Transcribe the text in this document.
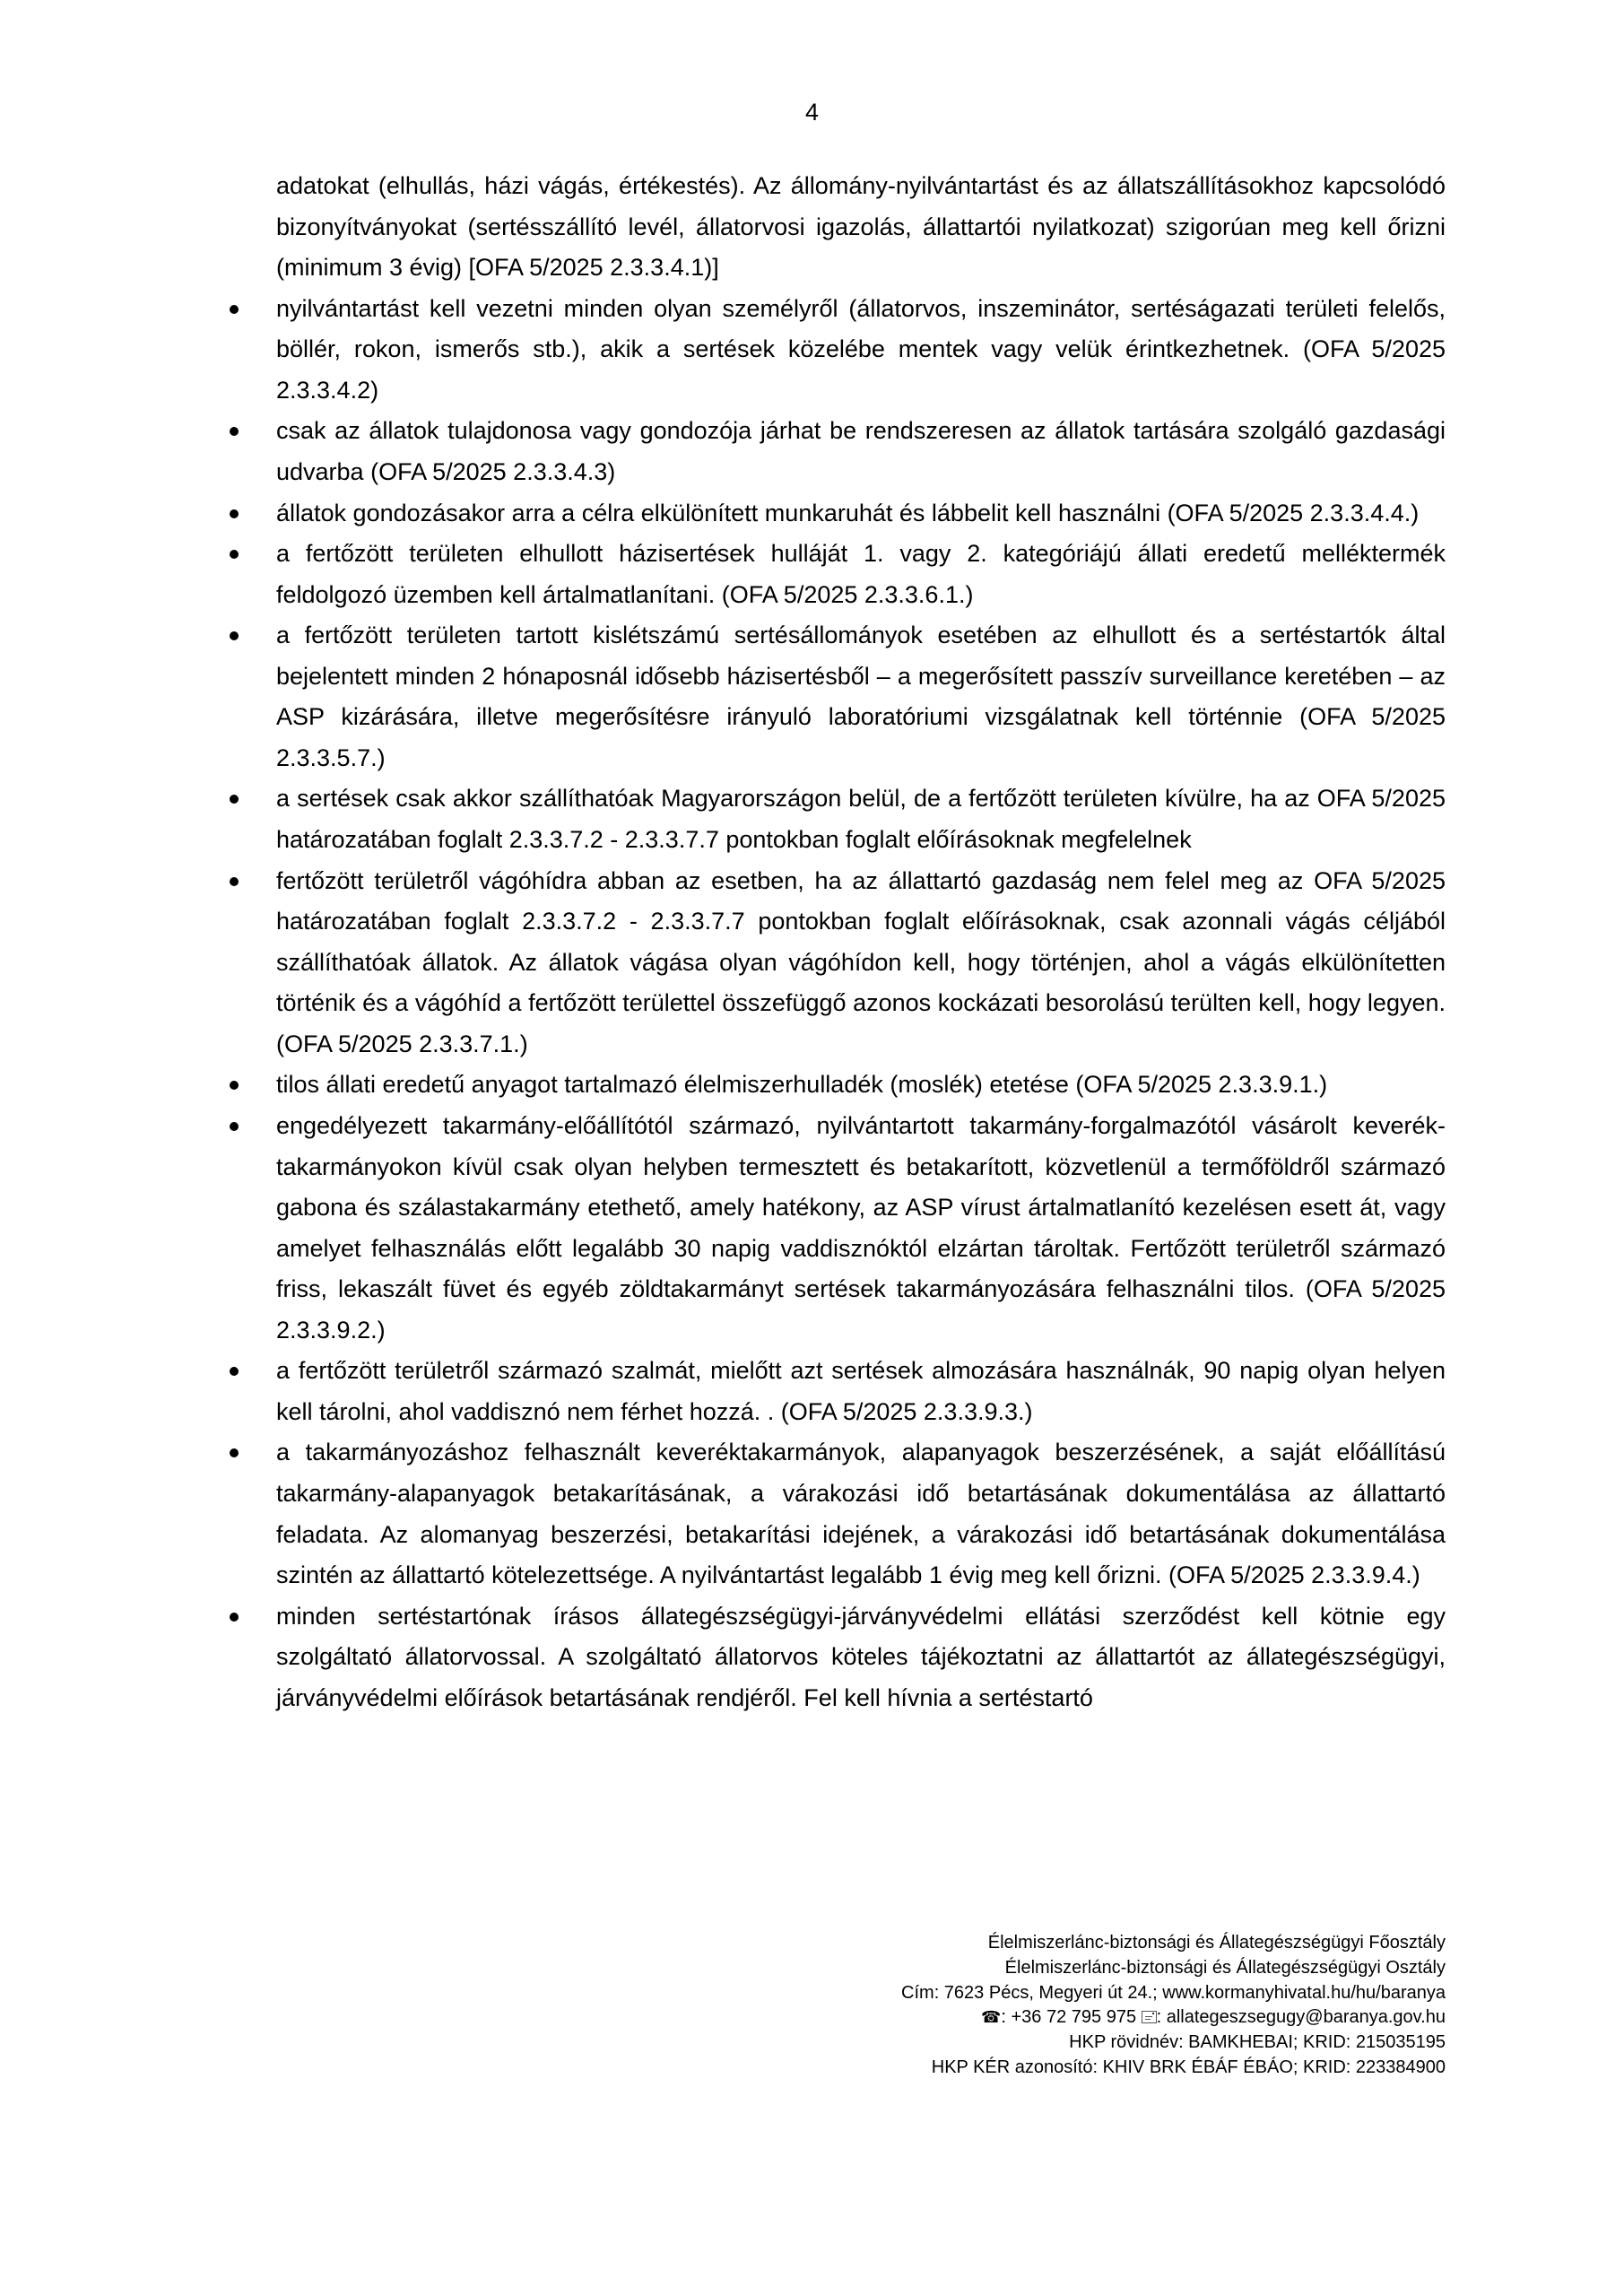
4

adatokat (elhullás, házi vágás, értékestés). Az állomány-nyilvántartást és az állatszállításokhoz kapcsolódó bizonyítványokat (sertésszállító levél, állatorvosi igazolás, állattartói nyilatkozat) szigorúan meg kell őrizni (minimum 3 évig) [OFA 5/2025 2.3.3.4.1)]

nyilvántartást kell vezetni minden olyan személyről (állatorvos, inszeminátor, sertéságazati területi felelős, böllér, rokon, ismerős stb.), akik a sertések közelébe mentek vagy velük érintkezhetnek. (OFA 5/2025 2.3.3.4.2)
csak az állatok tulajdonosa vagy gondozója járhat be rendszeresen az állatok tartására szolgáló gazdasági udvarba (OFA 5/2025 2.3.3.4.3)
állatok gondozásakor arra a célra elkülönített munkaruhát és lábbelit kell használni (OFA 5/2025 2.3.3.4.4.)
a fertőzött területen elhullott házisertések hulláját 1. vagy 2. kategóriájú állati eredetű melléktermék feldolgozó üzemben kell ártalmatlanítani. (OFA 5/2025 2.3.3.6.1.)
a fertőzött területen tartott kislétszámú sertésállományok esetében az elhullott és a sertéstartók által bejelentett minden 2 hónaposnál idősebb házisertésből – a megerősített passzív surveillance keretében – az ASP kizárására, illetve megerősítésre irányuló laboratóriumi vizsgálatnak kell történnie (OFA 5/2025 2.3.3.5.7.)
a sertések csak akkor szállíthatóak Magyarországon belül, de a fertőzött területen kívülre, ha az OFA 5/2025 határozatában foglalt 2.3.3.7.2 - 2.3.3.7.7 pontokban foglalt előírásoknak megfelelnek
fertőzött területről vágóhídra abban az esetben, ha az állattartó gazdaság nem felel meg az OFA 5/2025 határozatában foglalt 2.3.3.7.2 - 2.3.3.7.7 pontokban foglalt előírásoknak, csak azonnali vágás céljából szállíthatóak állatok. Az állatok vágása olyan vágóhídon kell, hogy történjen, ahol a vágás elkülönítetten történik és a vágóhíd a fertőzött területtel összefüggő azonos kockázati besorolású terülten kell, hogy legyen. (OFA 5/2025 2.3.3.7.1.)
tilos állati eredetű anyagot tartalmazó élelmiszerhulladék (moslék) etetése (OFA 5/2025 2.3.3.9.1.)
engedélyezett takarmány-előállítótól származó, nyilvántartott takarmány-forgalmazótól vásárolt keverék-takarmányokon kívül csak olyan helyben termesztett és betakarított, közvetlenül a termőföldről származó gabona és szálastakarmány etethető, amely hatékony, az ASP vírust ártalmatlanító kezelésen esett át, vagy amelyet felhasználás előtt legalább 30 napig vaddisznóktól elzártan tároltak. Fertőzött területről származó friss, lekaszált füvet és egyéb zöldtakarmányt sertések takarmányozására felhasználni tilos. (OFA 5/2025 2.3.3.9.2.)
a fertőzött területről származó szalmát, mielőtt azt sertések almozására használnák, 90 napig olyan helyen kell tárolni, ahol vaddisznó nem férhet hozzá. . (OFA 5/2025 2.3.3.9.3.)
a takarmányozáshoz felhasznált keveréktakarmányok, alapanyagok beszerzésének, a saját előállítású takarmány-alapanyagok betakarításának, a várakozási idő betartásának dokumentálása az állattartó feladata. Az alomanyag beszerzési, betakarítási idejének, a várakozási idő betartásának dokumentálása szintén az állattartó kötelezettsége. A nyilvántartást legalább 1 évig meg kell őrizni. (OFA 5/2025 2.3.3.9.4.)
minden sertéstartónak írásos állategészségügyi-járványvédelmi ellátási szerződést kell kötnie egy szolgáltató állatorvossal. A szolgáltató állatorvos köteles tájékoztatni az állattartót az állategészségügyi, járványvédelmi előírások betartásának rendjéről. Fel kell hívnia a sertéstartó
Élelmiszerlánc-biztonsági és Állategészségügyi Főosztály
Élelmiszerlánc-biztonsági és Állategészségügyi Osztály
Cím: 7623 Pécs, Megyeri út 24.; www.kormanyhivatal.hu/hu/baranya
☎: +36 72 795 975
: allategeszsegugy@baranya.gov.hu
HKP rövidnév: BAMKHEBAI; KRID: 215035195
HKP KÉR azonosító: KHIV BRK ÉBÁF ÉBÁO; KRID: 223384900
